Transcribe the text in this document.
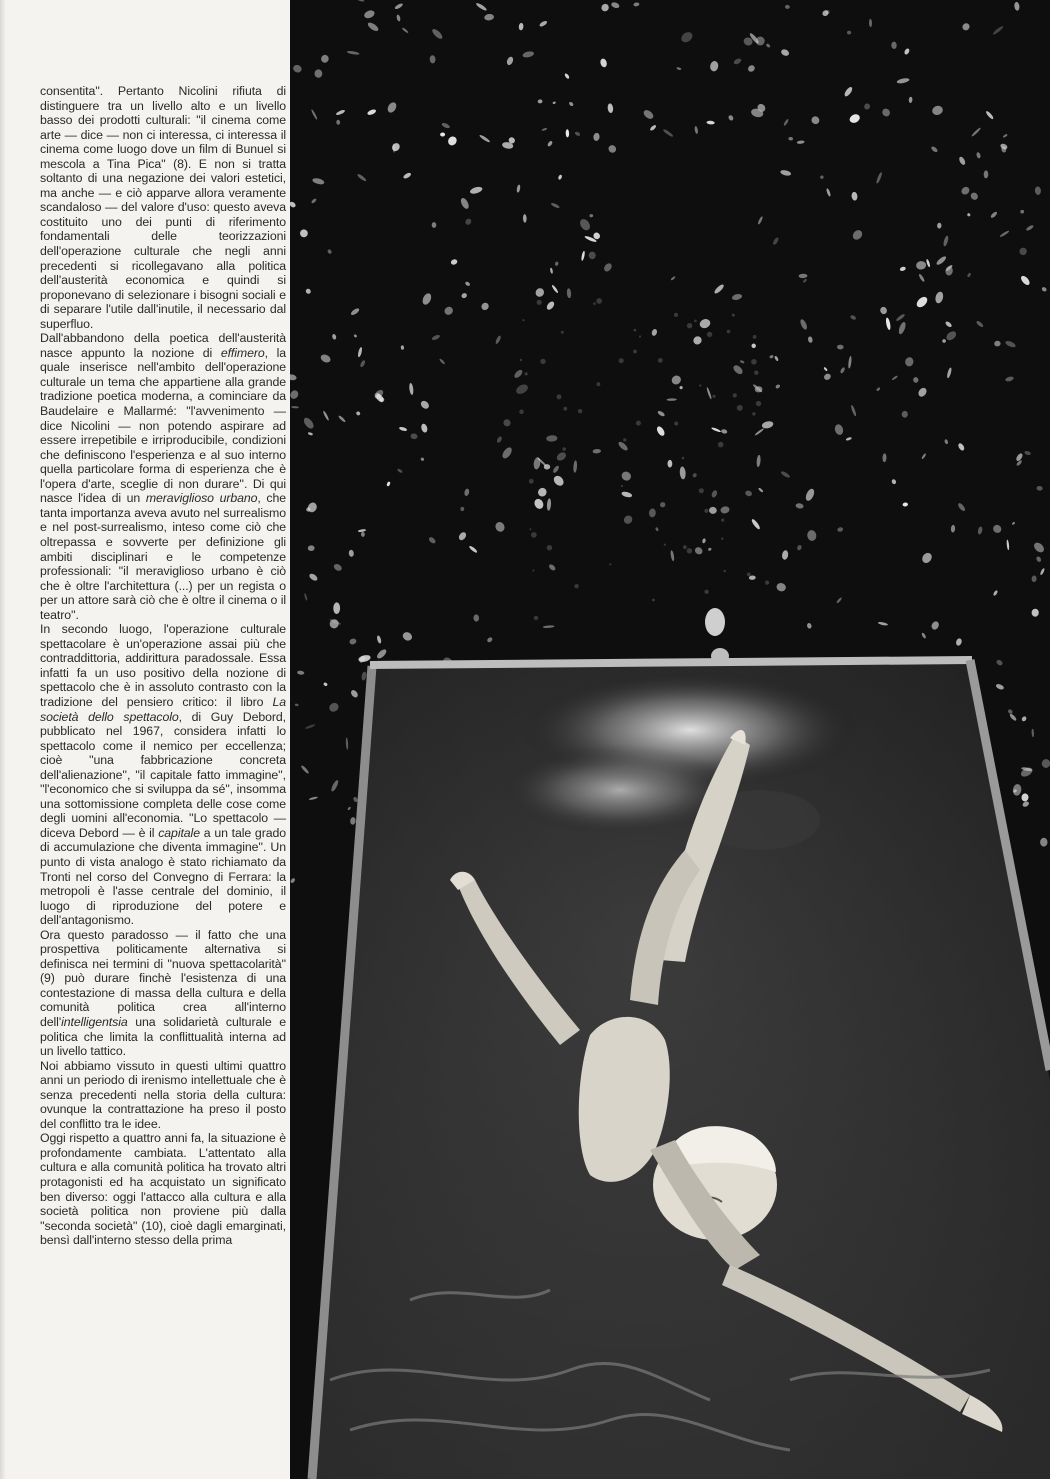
consentita''. Pertanto Nicolini rifiuta di distinguere tra un livello alto e un livello basso dei prodotti culturali: ''il cinema come arte — dice — non ci interessa, ci interessa il cinema come luogo dove un film di Bunuel si mescola a Tina Pica'' (8). E non si tratta soltanto di una negazione dei valori estetici, ma anche — e ciò apparve allora veramente scandaloso — del valore d'uso: questo aveva costituito uno dei punti di riferimento fondamentali delle teorizzazioni dell'operazione culturale che negli anni precedenti si ricollegavano alla politica dell'austerità economica e quindi si proponevano di selezionare i bisogni sociali e di separare l'utile dall'inutile, il necessario dal superfluo.

Dall'abbandono della poetica dell'austerità nasce appunto la nozione di effimero, la quale inserisce nell'ambito dell'operazione culturale un tema che appartiene alla grande tradizione poetica moderna, a cominciare da Baudelaire e Mallarmé: ''l'avvenimento — dice Nicolini — non potendo aspirare ad essere irrepetibile e irriproducibile, condizioni che definiscono l'esperienza e al suo interno quella particolare forma di esperienza che è l'opera d'arte, sceglie di non durare''. Di qui nasce l'idea di un meraviglioso urbano, che tanta importanza aveva avuto nel surrealismo e nel post-surrealismo, inteso come ciò che oltrepassa e sovverte per definizione gli ambiti disciplinari e le competenze professionali: ''il meraviglioso urbano è ciò che è oltre l'architettura (...) per un regista o per un attore sarà ciò che è oltre il cinema o il teatro''.

In secondo luogo, l'operazione culturale spettacolare è un'operazione assai più che contraddittoria, addirittura paradossale. Essa infatti fa un uso positivo della nozione di spettacolo che è in assoluto contrasto con la tradizione del pensiero critico: il libro La società dello spettacolo, di Guy Debord, pubblicato nel 1967, considera infatti lo spettacolo come il nemico per eccellenza; cioè ''una fabbricazione concreta dell'alienazione'', ''il capitale fatto immagine'', ''l'economico che si sviluppa da sé'', insomma una sottomissione completa delle cose come degli uomini all'economia. ''Lo spettacolo — diceva Debord — è il capitale a un tale grado di accumulazione che diventa immagine''. Un punto di vista analogo è stato richiamato da Tronti nel corso del Convegno di Ferrara: la metropoli è l'asse centrale del dominio, il luogo di riproduzione del potere e dell'antagonismo.

Ora questo paradosso — il fatto che una prospettiva politicamente alternativa si definisca nei termini di ''nuova spettacolarità'' (9) può durare finchè l'esistenza di una contestazione di massa della cultura e della comunità politica crea all'interno dell'intelligentsia una solidarietà culturale e politica che limita la conflittualità interna ad un livello tattico.

Noi abbiamo vissuto in questi ultimi quattro anni un periodo di irenismo intellettuale che è senza precedenti nella storia della cultura: ovunque la contrattazione ha preso il posto del conflitto tra le idee.

Oggi rispetto a quattro anni fa, la situazione è profondamente cambiata. L'attentato alla cultura e alla comunità politica ha trovato altri protagonisti ed ha acquistato un significato ben diverso: oggi l'attacco alla cultura e alla società politica non proviene più dalla ''seconda società'' (10), cioè dagli emarginati, bensì dall'interno stesso della prima
